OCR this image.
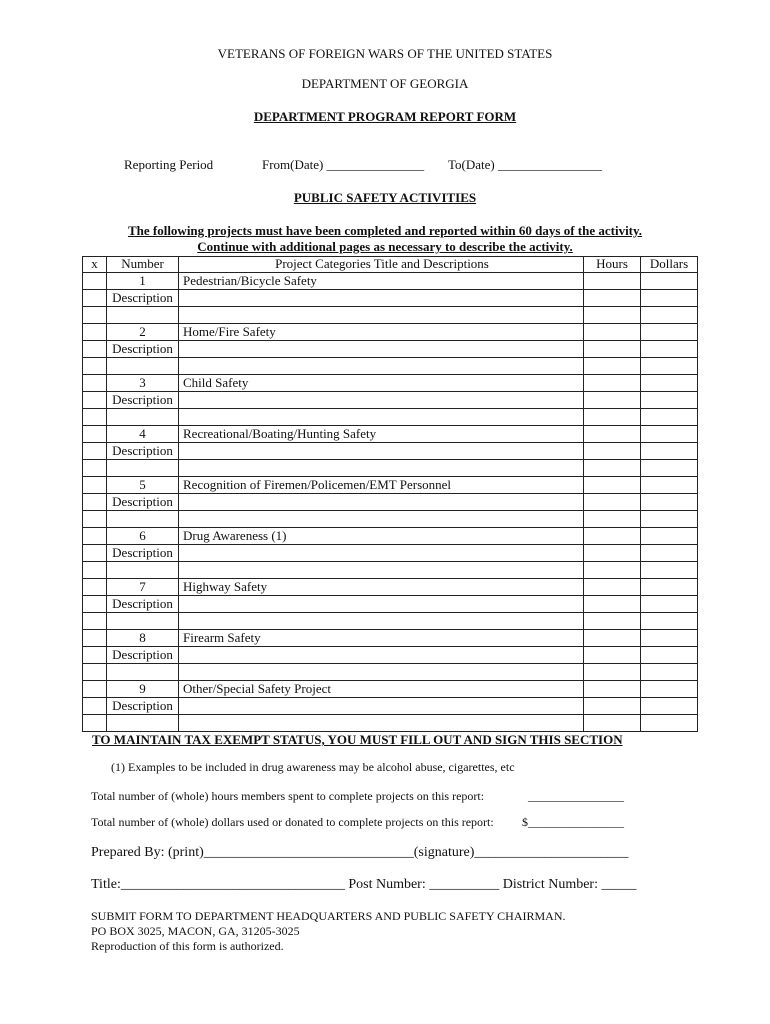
VETERANS OF FOREIGN WARS OF THE UNITED STATES
DEPARTMENT OF GEORGIA
DEPARTMENT PROGRAM REPORT FORM
Reporting Period	From(Date) _______________ To(Date) ________________
PUBLIC SAFETY ACTIVITIES
The following projects must have been completed and reported within 60 days of the activity.
Continue with additional pages as necessary to describe the activity.
x	Number	Project Categories Title and Descriptions	Hours	Dollars
	1	Pedestrian/Bicycle Safety		
	Description			

	2	Home/Fire Safety		
	Description			

	3	Child Safety		
	Description			

	4	Recreational/Boating/Hunting Safety		
	Description			

	5	Recognition of Firemen/Policemen/EMT Personnel		
	Description			

	6	Drug Awareness (1)		
	Description			

	7	Highway Safety		
	Description			

	8	Firearm Safety		
	Description			

	9	Other/Special Safety Project		
	Description			

TO MAINTAIN TAX EXEMPT STATUS, YOU MUST FILL OUT AND SIGN THIS SECTION
(1) Examples to be included in drug awareness may be alcohol abuse, cigarettes, etc
Total number of (whole) hours members spent to complete projects on this report:	________________
Total number of (whole) dollars used or donated to complete projects on this report: $________________
Prepared By: (print)______________________________(signature)______________________
Title:________________________________ Post Number: __________ District Number: _____
SUBMIT FORM TO DEPARTMENT HEADQUARTERS AND PUBLIC SAFETY CHAIRMAN.
PO BOX 3025, MACON, GA, 31205-3025
Reproduction of this form is authorized.
